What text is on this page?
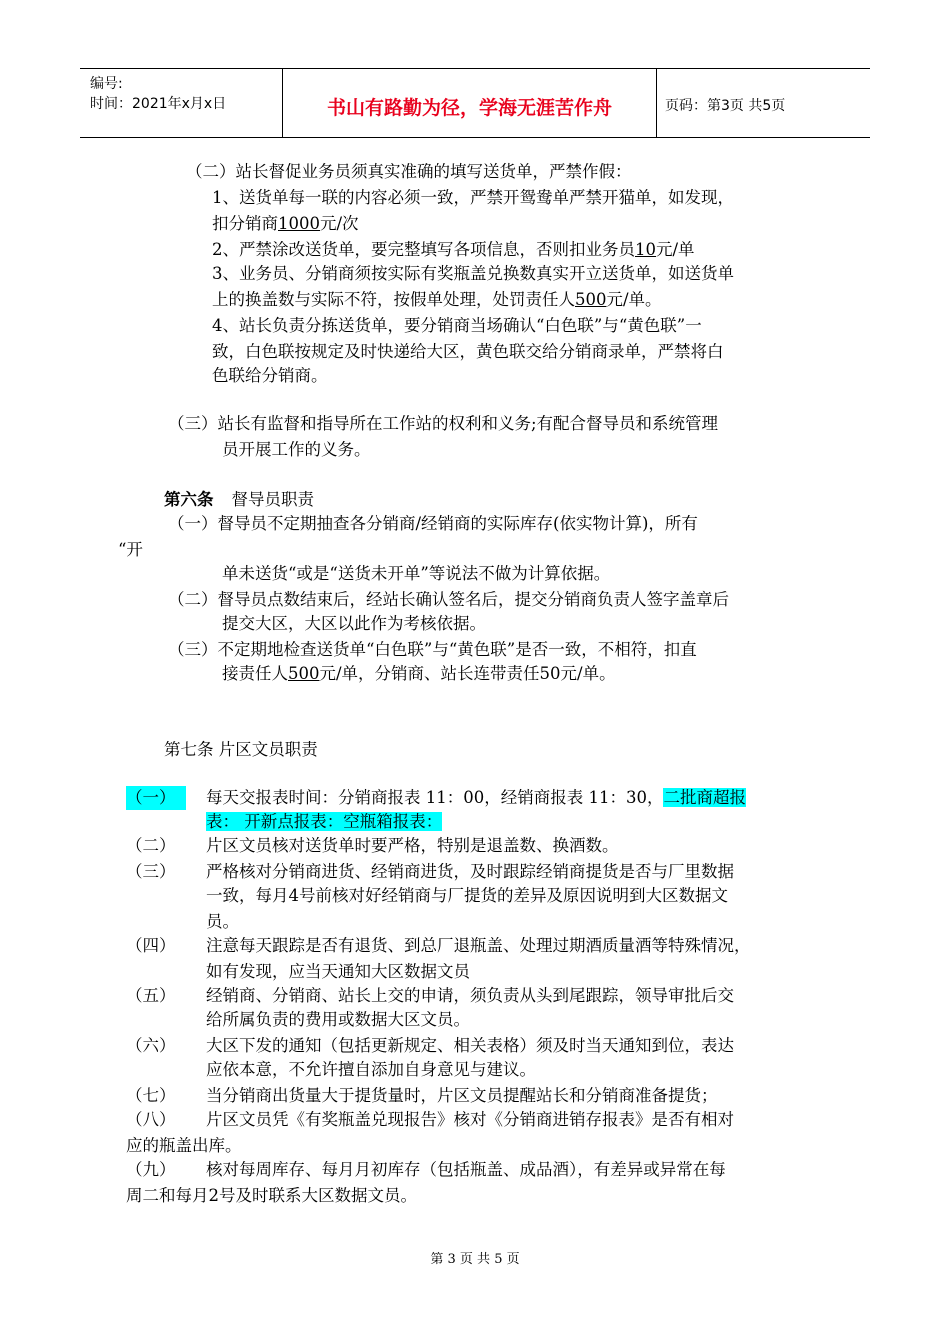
编号:
时间：2021年x月x日	书山有路勤为径，学海无涯苦作舟	页码：第3页 共5页
（二）站长督促业务员须真实准确的填写送货单，严禁作假：
1、送货单每一联的内容必须一致，严禁开鸳鸯单严禁开猫单，如发现，
扣分销商1000元/次
2、严禁涂改送货单，要完整填写各项信息，否则扣业务员10元/单
3、业务员、分销商须按实际有奖瓶盖兑换数真实开立送货单，如送货单
上的换盖数与实际不符，按假单处理，处罚责任人500元/单。
4、站长负责分拣送货单，要分销商当场确认“白色联”与“黄色联”一
致，白色联按规定及时快递给大区，黄色联交给分销商录单，严禁将白
色联给分销商。
（三）站长有监督和指导所在工作站的权利和义务;有配合督导员和系统管理
员开展工作的义务。
第六条 督导员职责
（一）督导员不定期抽查各分销商/经销商的实际库存(依实物计算)，所有
“开
单未送货“或是“送货未开单”等说法不做为计算依据。
（二）督导员点数结束后，经站长确认签名后，提交分销商负责人签字盖章后
提交大区，大区以此作为考核依据。
（三）不定期地检查送货单“白色联”与“黄色联”是否一致，不相符，扣直
接责任人500元/单，分销商、站长连带责任50元/单。
第七条 片区文员职责
（一）	每天交报表时间：分销商报表 11：00，经销商报表 11：30，二批商超报
表： 开新点报表：空瓶箱报表：
（二） 片区文员核对送货单时要严格，特别是退盖数、换酒数。
（三） 严格核对分销商进货、经销商进货，及时跟踪经销商提货是否与厂里数据
一致，每月4号前核对好经销商与厂提货的差异及原因说明到大区数据文
员。
（四） 注意每天跟踪是否有退货、到总厂退瓶盖、处理过期酒质量酒等特殊情况，
如有发现，应当天通知大区数据文员
（五） 经销商、分销商、站长上交的申请，须负责从头到尾跟踪，领导审批后交
给所属负责的费用或数据大区文员。
（六） 大区下发的通知（包括更新规定、相关表格）须及时当天通知到位，表达
应依本意，不允许擅自添加自身意见与建议。
（七） 当分销商出货量大于提货量时，片区文员提醒站长和分销商准备提货；
（八） 片区文员凭《有奖瓶盖兑现报告》核对《分销商进销存报表》是否有相对
应的瓶盖出库。
（九） 核对每周库存、每月月初库存（包括瓶盖、成品酒），有差异或异常在每
周二和每月2号及时联系大区数据文员。
第 3 页 共 5 页
